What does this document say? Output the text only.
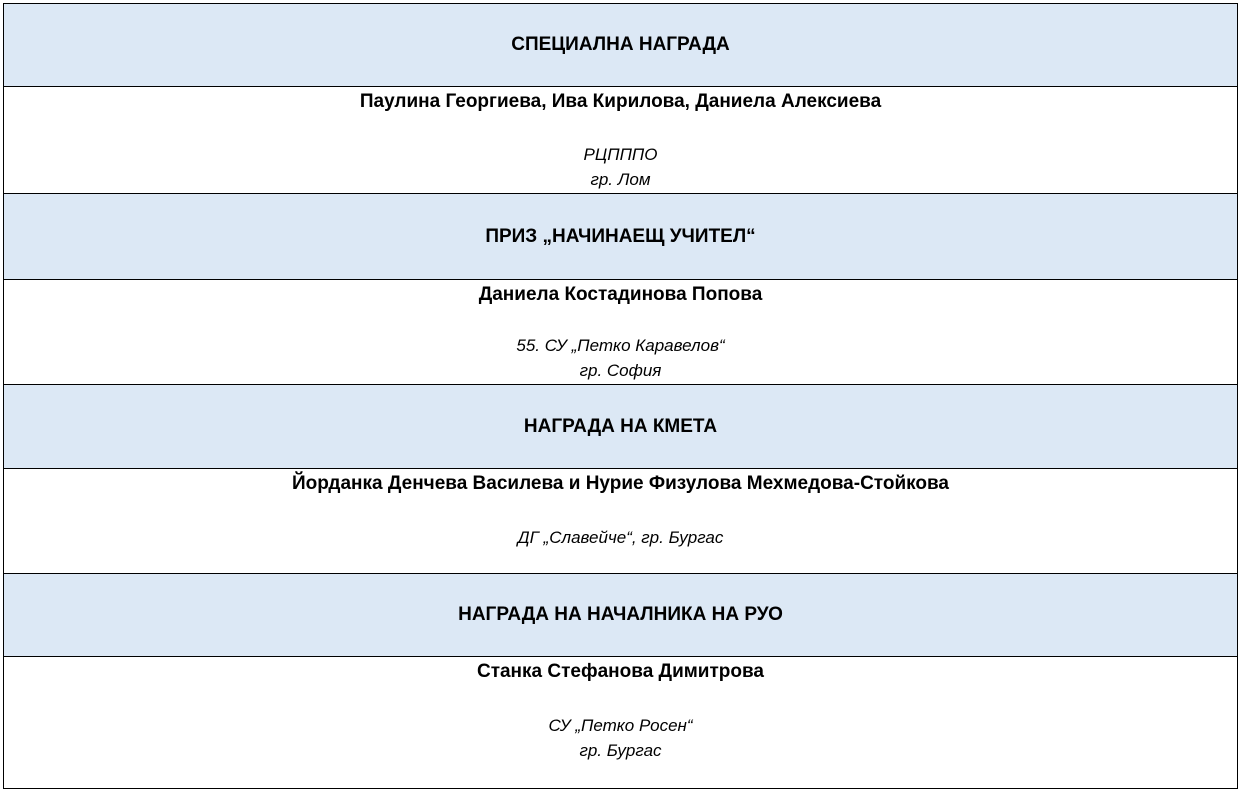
СПЕЦИАЛНА НАГРАДА
Паулина Георгиева, Ива Кирилова, Даниела Алексиева
РЦПППО
гр. Лом
ПРИЗ „НАЧИНАЕЩ УЧИТЕЛ“
Даниела Костадинова Попова
55. СУ „Петко Каравелов“
гр. София
НАГРАДА НА КМЕТА
Йорданка Денчева Василева и Нурие Физулова Мехмедова-Стойкова
ДГ „Славейче“, гр. Бургас
НАГРАДА НА НАЧАЛНИКА НА РУО
Станка Стефанова Димитрова
СУ „Петко Росен“
гр. Бургас
